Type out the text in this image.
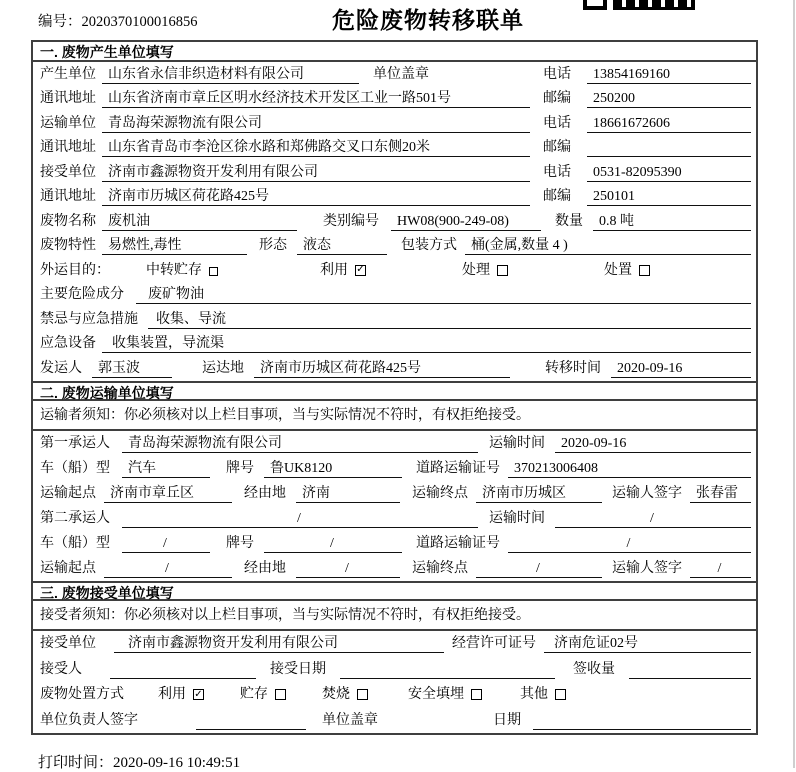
编号：2020370100016856	危险废物转移联单
一. 废物产生单位填写
产生单位 山东省永信非织造材料有限公司	单位盖章	电话	13854169160
通讯地址 山东省济南市章丘区明水经济技术开发区工业一路501号	邮编	250200
运输单位 青岛海荣源物流有限公司	电话	18661672606
通讯地址 山东省青岛市李沧区徐水路和郑佛路交叉口东侧20米	邮编
接受单位 济南市鑫源物资开发利用有限公司	电话	0531-82095390
通讯地址 济南市历城区荷花路425号	邮编	250101
废物名称 废机油	类别编号	HW08(900-249-08)	数量	0.8 吨
废物特性 易燃性,毒性	形态	液态	包装方式	桶(金属,数量 4 )
外运目的：	中转贮存	利用 ✓	处理	处置
主要危险成分	废矿物油
禁忌与应急措施	收集、导流
应急设备	收集装置，导流渠
发运人	郭玉波	运达地	济南市历城区荷花路425号	转移时间	2020-09-16
二. 废物运输单位填写
运输者须知：你必须核对以上栏目事项，当与实际情况不符时，有权拒绝接受。
第一承运人	青岛海荣源物流有限公司	运输时间	2020-09-16
车（船）型	汽车	牌号	鲁UK8120	道路运输证号	370213006408
运输起点	济南市章丘区	经由地	济南	运输终点	济南市历城区	运输人签字	张春雷
第二承运人	/	运输时间	/
车（船）型	/	牌号	/	道路运输证号	/
运输起点	/	经由地	/	运输终点	/	运输人签字	/
三. 废物接受单位填写
接受者须知：你必须核对以上栏目事项，当与实际情况不符时，有权拒绝接受。
接受单位	济南市鑫源物资开发利用有限公司	经营许可证号	济南危证02号
接受人	接受日期	签收量
废物处置方式 利用 ✓	贮存	焚烧	安全填埋	其他
单位负责人签字	单位盖章	日期
打印时间：2020-09-16 10:49:51
